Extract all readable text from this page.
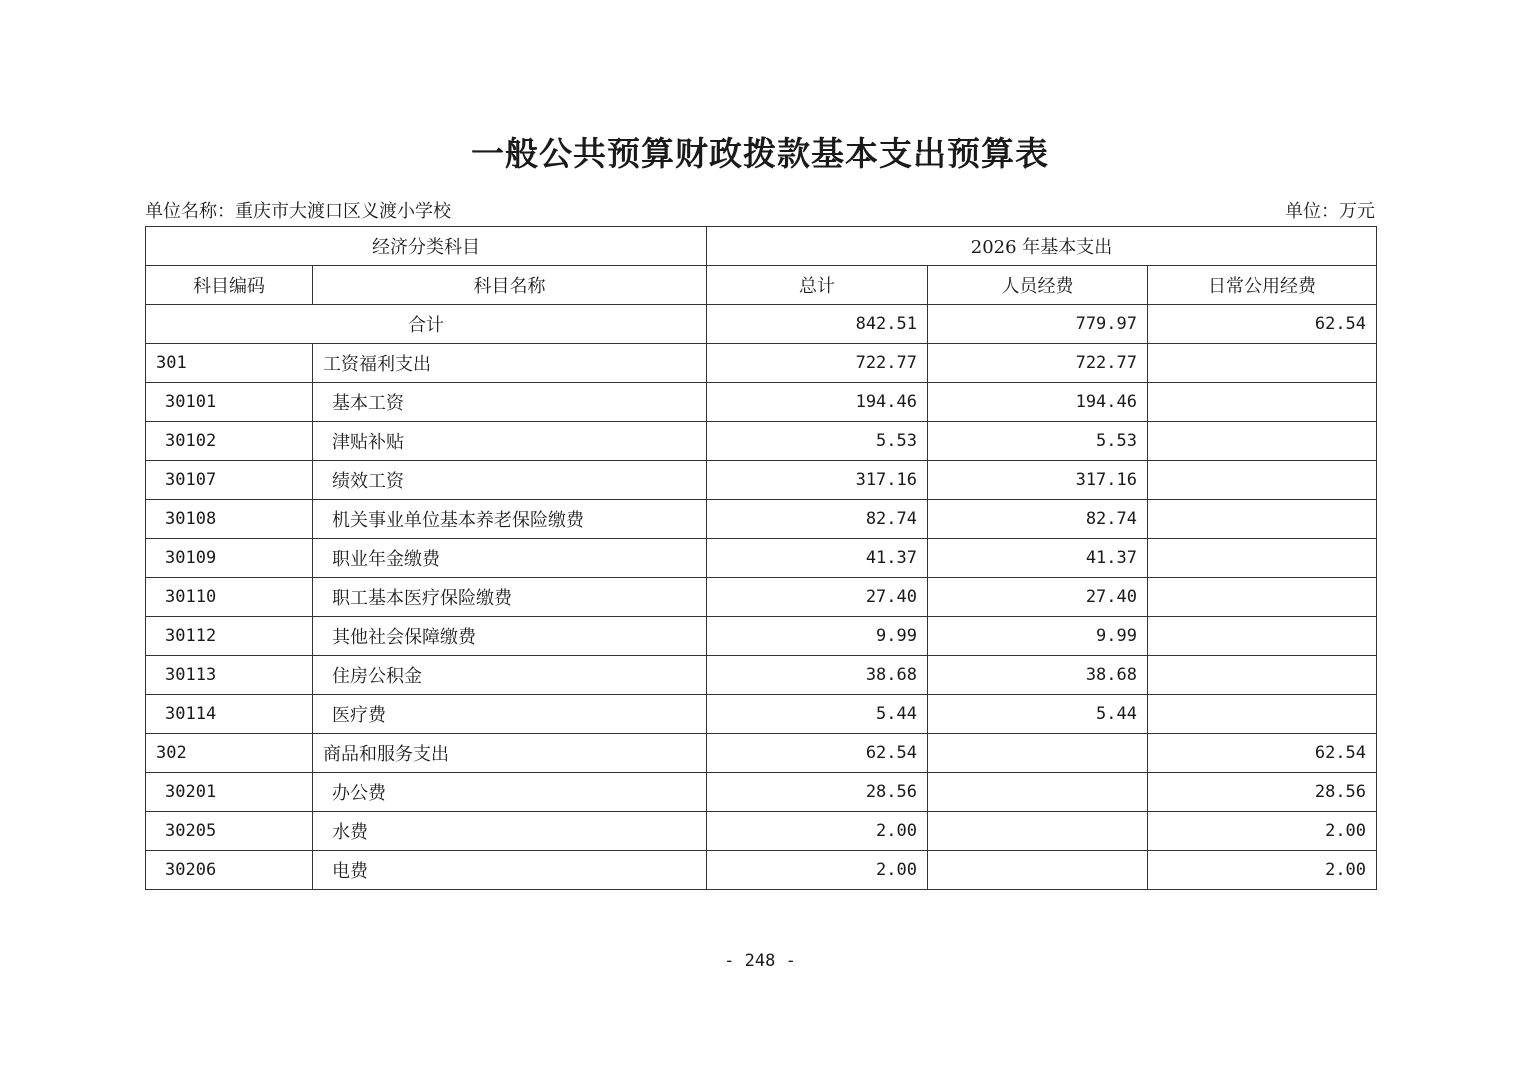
一般公共预算财政拨款基本支出预算表
单位名称：重庆市大渡口区义渡小学校	单位：万元
经济分类科目		2026 年基本支出		
科目编码	科目名称	总计	人员经费	日常公用经费
合计		842.51	779.97	62.54
301	工资福利支出	722.77	722.77	
30101	基本工资	194.46	194.46	
30102	津贴补贴	5.53	5.53	
30107	绩效工资	317.16	317.16	
30108	机关事业单位基本养老保险缴费	82.74	82.74	
30109	职业年金缴费	41.37	41.37	
30110	职工基本医疗保险缴费	27.40	27.40	
30112	其他社会保障缴费	9.99	9.99	
30113	住房公积金	38.68	38.68	
30114	医疗费	5.44	5.44	
302	商品和服务支出	62.54		62.54
30201	办公费	28.56		28.56
30205	水费	2.00		2.00
30206	电费	2.00		2.00
- 248 -
